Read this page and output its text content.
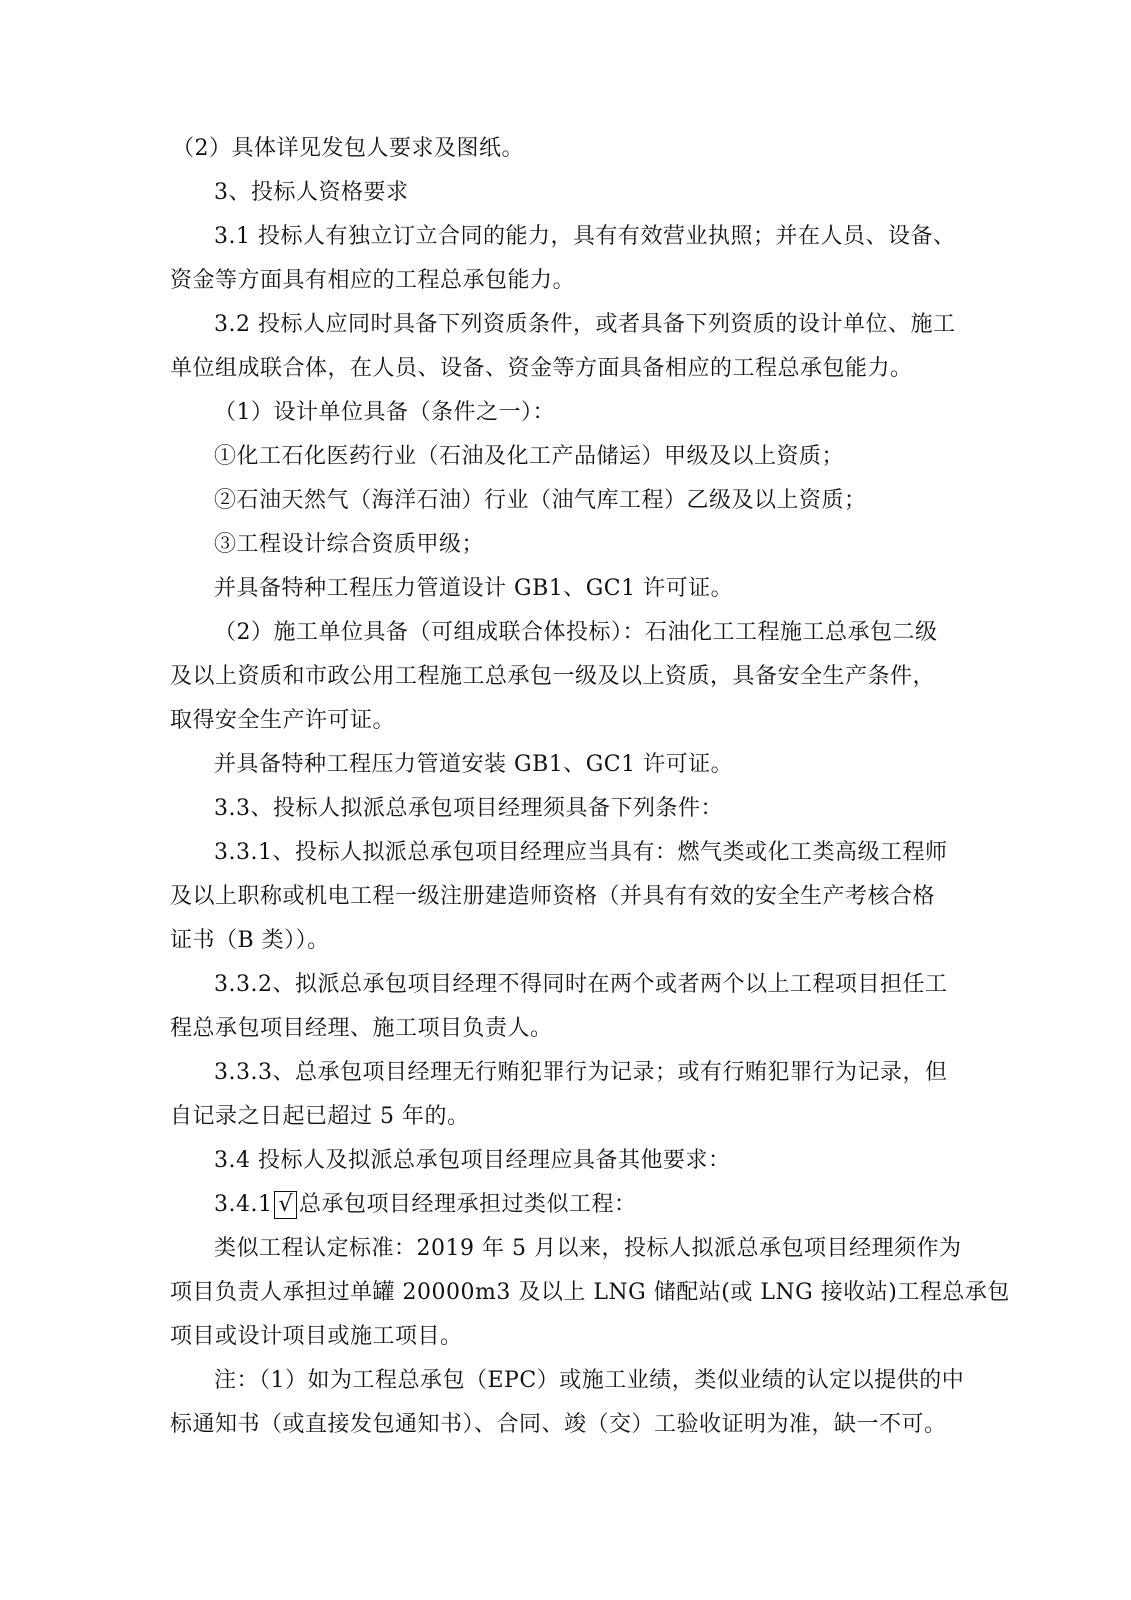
（2）具体详见发包人要求及图纸。
3、投标人资格要求
3.1 投标人有独立订立合同的能力，具有有效营业执照；并在人员、设备、
资金等方面具有相应的工程总承包能力。
3.2 投标人应同时具备下列资质条件，或者具备下列资质的设计单位、施工
单位组成联合体，在人员、设备、资金等方面具备相应的工程总承包能力。
（1）设计单位具备（条件之一）：
①化工石化医药行业（石油及化工产品储运）甲级及以上资质；
②石油天然气（海洋石油）行业（油气库工程）乙级及以上资质；
③工程设计综合资质甲级；
并具备特种工程压力管道设计 GB1、GC1 许可证。
（2）施工单位具备（可组成联合体投标）：石油化工工程施工总承包二级
及以上资质和市政公用工程施工总承包一级及以上资质，具备安全生产条件，
取得安全生产许可证。
并具备特种工程压力管道安装 GB1、GC1 许可证。
3.3、投标人拟派总承包项目经理须具备下列条件：
3.3.1、投标人拟派总承包项目经理应当具有：燃气类或化工类高级工程师
及以上职称或机电工程一级注册建造师资格（并具有有效的安全生产考核合格
证书（B 类））。
3.3.2、拟派总承包项目经理不得同时在两个或者两个以上工程项目担任工
程总承包项目经理、施工项目负责人。
3.3.3、总承包项目经理无行贿犯罪行为记录；或有行贿犯罪行为记录，但
自记录之日起已超过 5 年的。
3.4 投标人及拟派总承包项目经理应具备其他要求：
3.4.1 √ 总承包项目经理承担过类似工程：
类似工程认定标准：2019 年 5 月以来，投标人拟派总承包项目经理须作为
项目负责人承担过单罐 20000m3 及以上 LNG 储配站(或 LNG 接收站)工程总承包
项目或设计项目或施工项目。
注：（1）如为工程总承包（EPC）或施工业绩，类似业绩的认定以提供的中
标通知书（或直接发包通知书）、合同、竣（交）工验收证明为准，缺一不可。
